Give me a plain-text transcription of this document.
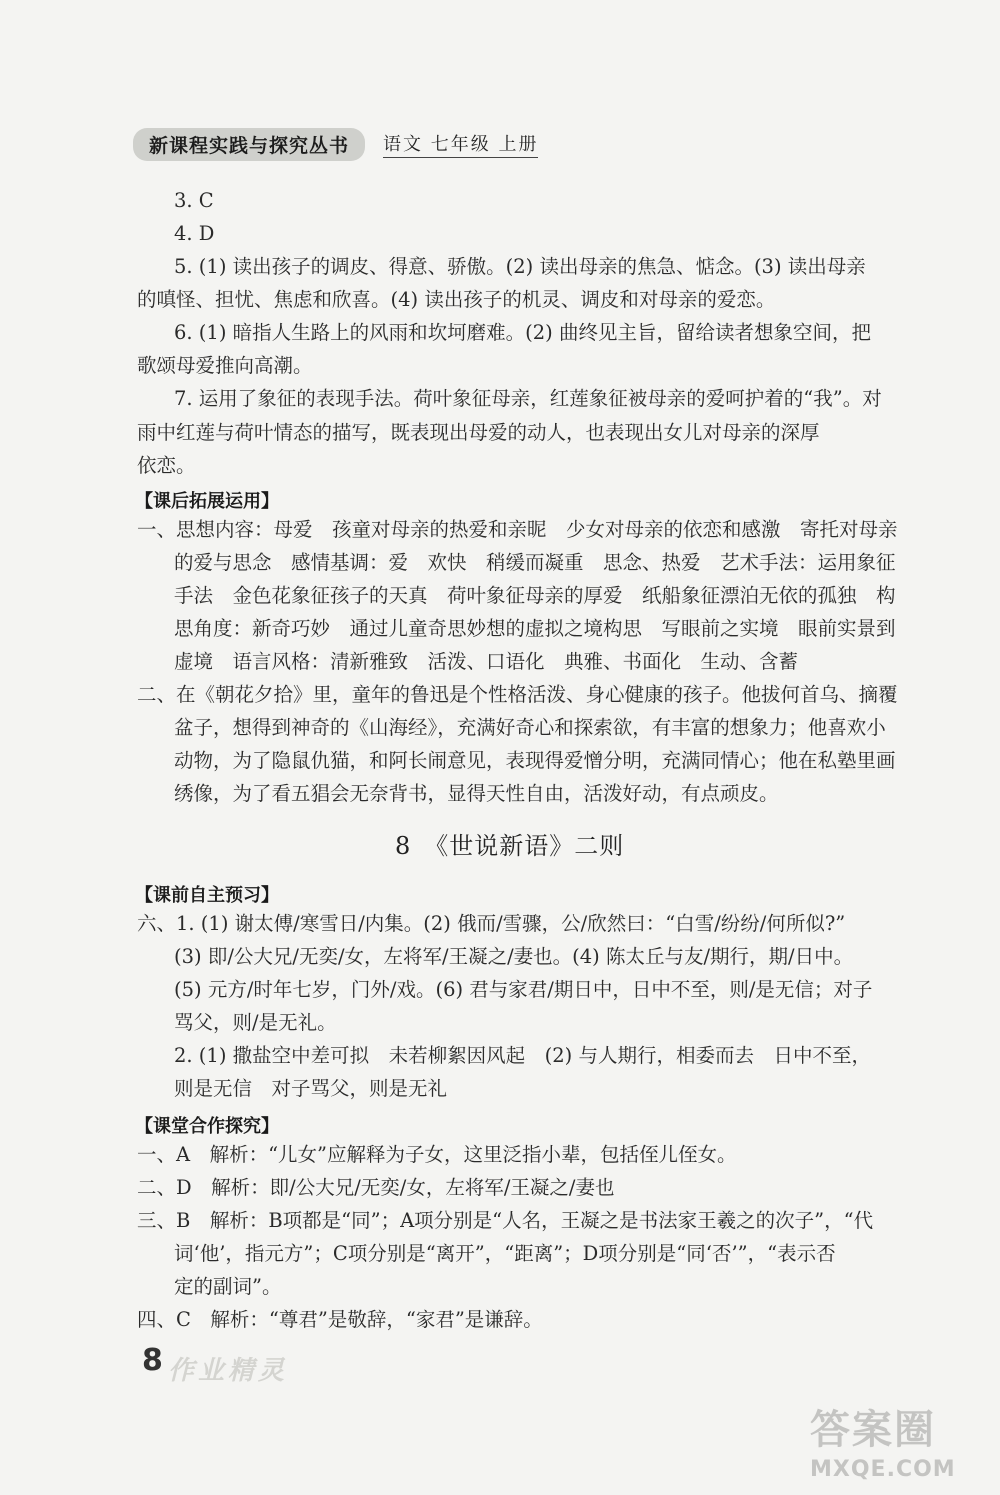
新课程实践与探究丛书	语文 七年级 上册
3. C
4. D
5. (1) 读出孩子的调皮、得意、骄傲。(2) 读出母亲的焦急、惦念。(3) 读出母亲
的嗔怪、担忧、焦虑和欣喜。(4) 读出孩子的机灵、调皮和对母亲的爱恋。
6. (1) 暗指人生路上的风雨和坎坷磨难。(2) 曲终见主旨，留给读者想象空间，把
歌颂母爱推向高潮。
7. 运用了象征的表现手法。荷叶象征母亲，红莲象征被母亲的爱呵护着的“我”。对
雨中红莲与荷叶情态的描写，既表现出母爱的动人，也表现出女儿对母亲的深厚
依恋。
【课后拓展运用】
一、思想内容：母爱　孩童对母亲的热爱和亲昵　少女对母亲的依恋和感激　寄托对母亲
的爱与思念　感情基调：爱　欢快　稍缓而凝重　思念、热爱　艺术手法：运用象征
手法　金色花象征孩子的天真　荷叶象征母亲的厚爱　纸船象征漂泊无依的孤独　构
思角度：新奇巧妙　通过儿童奇思妙想的虚拟之境构思　写眼前之实境　眼前实景到
虚境　语言风格：清新雅致　活泼、口语化　典雅、书面化　生动、含蓄
二、在《朝花夕拾》里，童年的鲁迅是个性格活泼、身心健康的孩子。他拔何首乌、摘覆
盆子，想得到神奇的《山海经》，充满好奇心和探索欲，有丰富的想象力；他喜欢小
动物，为了隐鼠仇猫，和阿长闹意见，表现得爱憎分明，充满同情心；他在私塾里画
绣像，为了看五猖会无奈背书，显得天性自由，活泼好动，有点顽皮。
8　《世说新语》二则
【课前自主预习】
六、1. (1) 谢太傅/寒雪日/内集。(2) 俄而/雪骤，公/欣然曰：“白雪/纷纷/何所似?”
(3) 即/公大兄/无奕/女，左将军/王凝之/妻也。(4) 陈太丘与友/期行，期/日中。
(5) 元方/时年七岁，门外/戏。(6) 君与家君/期日中，日中不至，则/是无信；对子
骂父，则/是无礼。
2. (1) 撒盐空中差可拟　未若柳絮因风起　(2) 与人期行，相委而去　日中不至，
则是无信　对子骂父，则是无礼
【课堂合作探究】
一、A　解析：“儿女”应解释为子女，这里泛指小辈，包括侄儿侄女。
二、D　解析：即/公大兄/无奕/女，左将军/王凝之/妻也
三、B　解析：B项都是“同”；A项分别是“人名，王凝之是书法家王羲之的次子”，“代
词‘他’，指元方”；C项分别是“离开”，“距离”；D项分别是“同‘否’”，“表示否
定的副词”。
四、C　解析：“尊君”是敬辞，“家君”是谦辞。
8 作业精灵
答案圈
MXQE.COM
